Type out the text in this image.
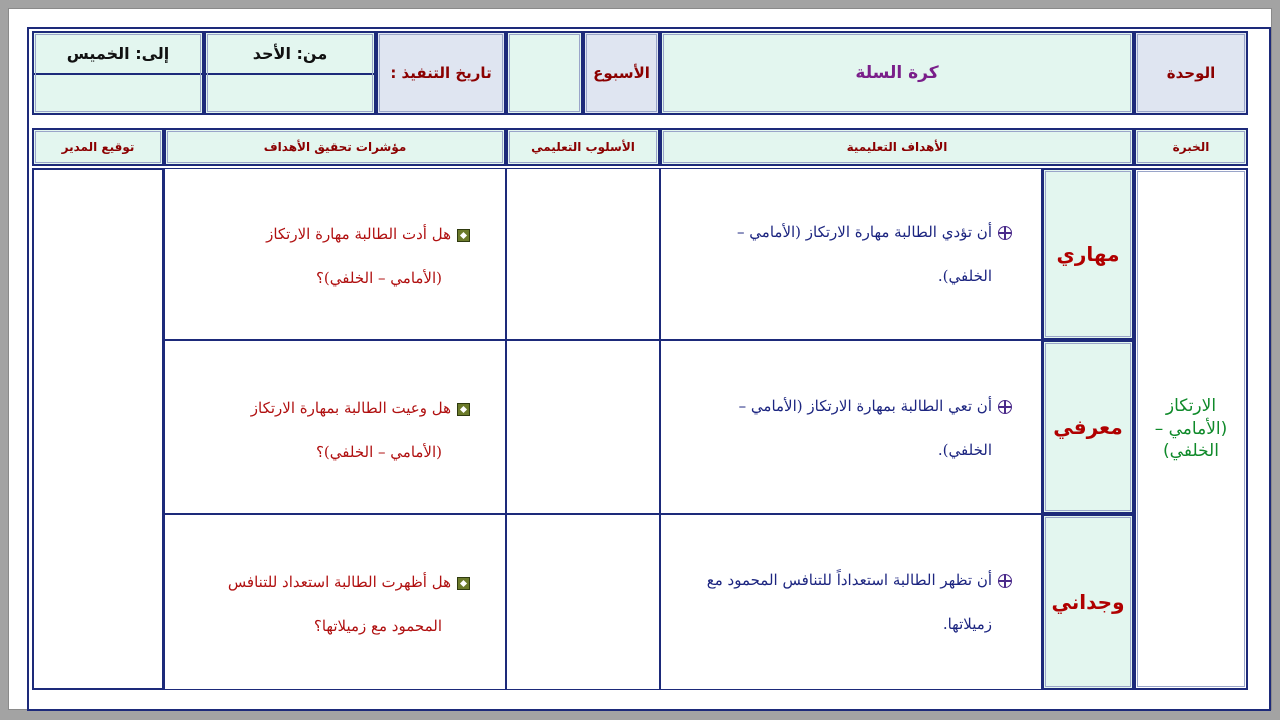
الوحدة
كرة السلة
الأسبوع
تاريخ التنفيذ :
من: الأحد
إلى: الخميس
الخبرة
الأهداف التعليمية
الأسلوب التعليمي
مؤشرات تحقيق الأهداف
توقيع المدير
الارتكاز (الأمامي – الخلفي)
مهاري
أن تؤدي الطالبة مهارة الارتكاز (الأمامي –
الخلفي).
هل أدت الطالبة مهارة الارتكاز
(الأمامي – الخلفي)؟
معرفي
أن تعي الطالبة بمهارة الارتكاز (الأمامي –
الخلفي).
هل وعيت الطالبة بمهارة الارتكاز
(الأمامي – الخلفي)؟
وجداني
أن تظهر الطالبة استعداداً للتنافس المحمود مع
زميلاتها.
هل أظهرت الطالبة استعداد للتنافس
المحمود مع زميلاتها؟
